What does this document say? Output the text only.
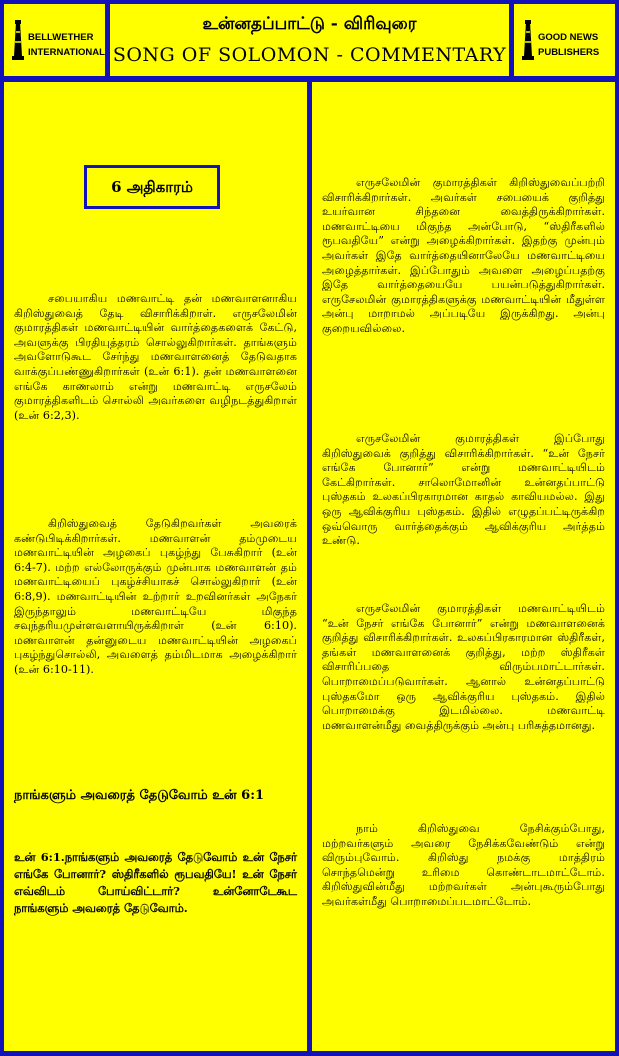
BELLWETHER
INTERNATIONAL
உன்னதப்பாட்டு - விரிவுரை
SONG OF SOLOMON - COMMENTARY
GOOD NEWS
PUBLISHERS
6 அதிகாரம்
சபையாகிய மணவாட்டி தன் மணவாளனாகிய கிறிஸ்துவைத் தேடி விசாரிக்கிறாள். எருசலேமின் குமாரத்திகள் மணவாட்டியின் வார்த்தைகளைக் கேட்டு, அவளுக்கு பிரதியுத்தரம் சொல்லுகிறார்கள். தாங்களும் அவளோடுகூட சேர்ந்து மணவாளனைத் தேடுவதாக வாக்குப்பண்ணுகிறார்கள் (உன் 6:1). தன் மணவாளனை எங்கே காணலாம் என்று மணவாட்டி எருசலேம் குமாரத்திகளிடம் சொல்லி அவர்களை வழிநடத்துகிறாள் (உன் 6:2,3).
கிறிஸ்துவைத் தேடுகிறவர்கள் அவரைக் கண்டுபிடிக்கிறார்கள். மணவாளன் தம்முடைய மணவாட்டியின் அழகைப் புகழ்ந்து பேசுகிறார் (உன் 6:4-7). மற்ற எல்லோருக்கும் முன்பாக மணவாளன் தம் மணவாட்டியைப் புகழ்ச்சியாகச் சொல்லுகிறார் (உன் 6:8,9). மணவாட்டியின் உற்றார் உறவினர்கள் அநேகர் இருந்தாலும் மணவாட்டியே மிகுந்த சவுந்தரியமுள்ளவளாயிருக்கிறாள் (உன் 6:10). மணவாளன் தன்னுடைய மணவாட்டியின் அழகைப் புகழ்ந்துசொல்லி, அவளைத் தம்மிடமாக அழைக்கிறார் (உன் 6:10-11).
நாங்களும் அவரைத் தேடுவோம் உன் 6:1
உன் 6:1.நாங்களும் அவரைத் தேடுவோம் உன் நேசர் எங்கே போனார்? ஸ்திரீகளில் ரூபவதியே! உன் நேசர் எவ்விடம் போய்விட்டார்? உன்னோடேகூட நாங்களும் அவரைத் தேடுவோம்.
எருசலேமின் குமாரத்திகள் கிறிஸ்துவைப்பற்றி விசாரிக்கிறார்கள். அவர்கள் சபையைக் குறித்து உயர்வான சிந்தனை வைத்திருக்கிறார்கள். மணவாட்டியை மிகுந்த அன்போடு, “ஸ்திரீகளில் ரூபவதியே” என்று அழைக்கிறார்கள். இதற்கு முன்பும் அவர்கள் இதே வார்த்தையினாலேயே மணவாட்டியை அழைத்தார்கள். இப்போதும் அவளை அழைப்பதற்கு இதே வார்த்தையையே பயன்படுத்துகிறார்கள். எருசேலமின் குமாரத்திகளுக்கு மணவாட்டியின் மீதுள்ள அன்பு மாறாமல் அப்படியே இருக்கிறது. அன்பு குறையவில்லை.
எருசலேமின் குமாரத்திகள் இப்போது கிறிஸ்துவைக் குறித்து விசாரிக்கிறார்கள். “உன் நேசர் எங்கே போனார்” என்று மணவாட்டியிடம் கேட்கிறார்கள். சாலொமோனின் உன்னதப்பாட்டு புஸ்தகம் உலகப்பிரகாரமான காதல் காவியமல்ல. இது ஒரு ஆவிக்குரிய புஸ்தகம். இதில் எழுதப்பட்டிருக்கிற ஒவ்வொரு வார்த்தைக்கும் ஆவிக்குரிய அர்த்தம் உண்டு.
எருசலேமின் குமாரத்திகள் மணவாட்டியிடம் “உன் நேசர் எங்கே போனார்” என்று மணவாளனைக் குறித்து விசாரிக்கிறார்கள். உலகப்பிரகாரமான ஸ்திரீகள், தங்கள் மணவாளனைக் குறித்து, மற்ற ஸ்திரீகள் விசாரிப்பதை விரும்பமாட்டார்கள். பொறாமைப்படுவார்கள். ஆனால் உன்னதப்பாட்டு புஸ்தகமோ ஒரு ஆவிக்குரிய புஸ்தகம். இதில் பொறாமைக்கு இடமில்லை. மணவாட்டி மணவாளன்மீது வைத்திருக்கும் அன்பு பரிசுத்தமானது.
நாம் கிறிஸ்துவை நேசிக்கும்போது, மற்றவர்களும் அவரை நேசிக்கவேண்டும் என்று விரும்புவோம். கிறிஸ்து நமக்கு மாத்திரம் சொந்தமென்று உரிமை கொண்டாடமாட்டோம். கிறிஸ்துவின்மீது மற்றவர்கள் அன்புகூரும்போது அவர்கள்மீது பொறாமைப்படமாட்டோம்.
